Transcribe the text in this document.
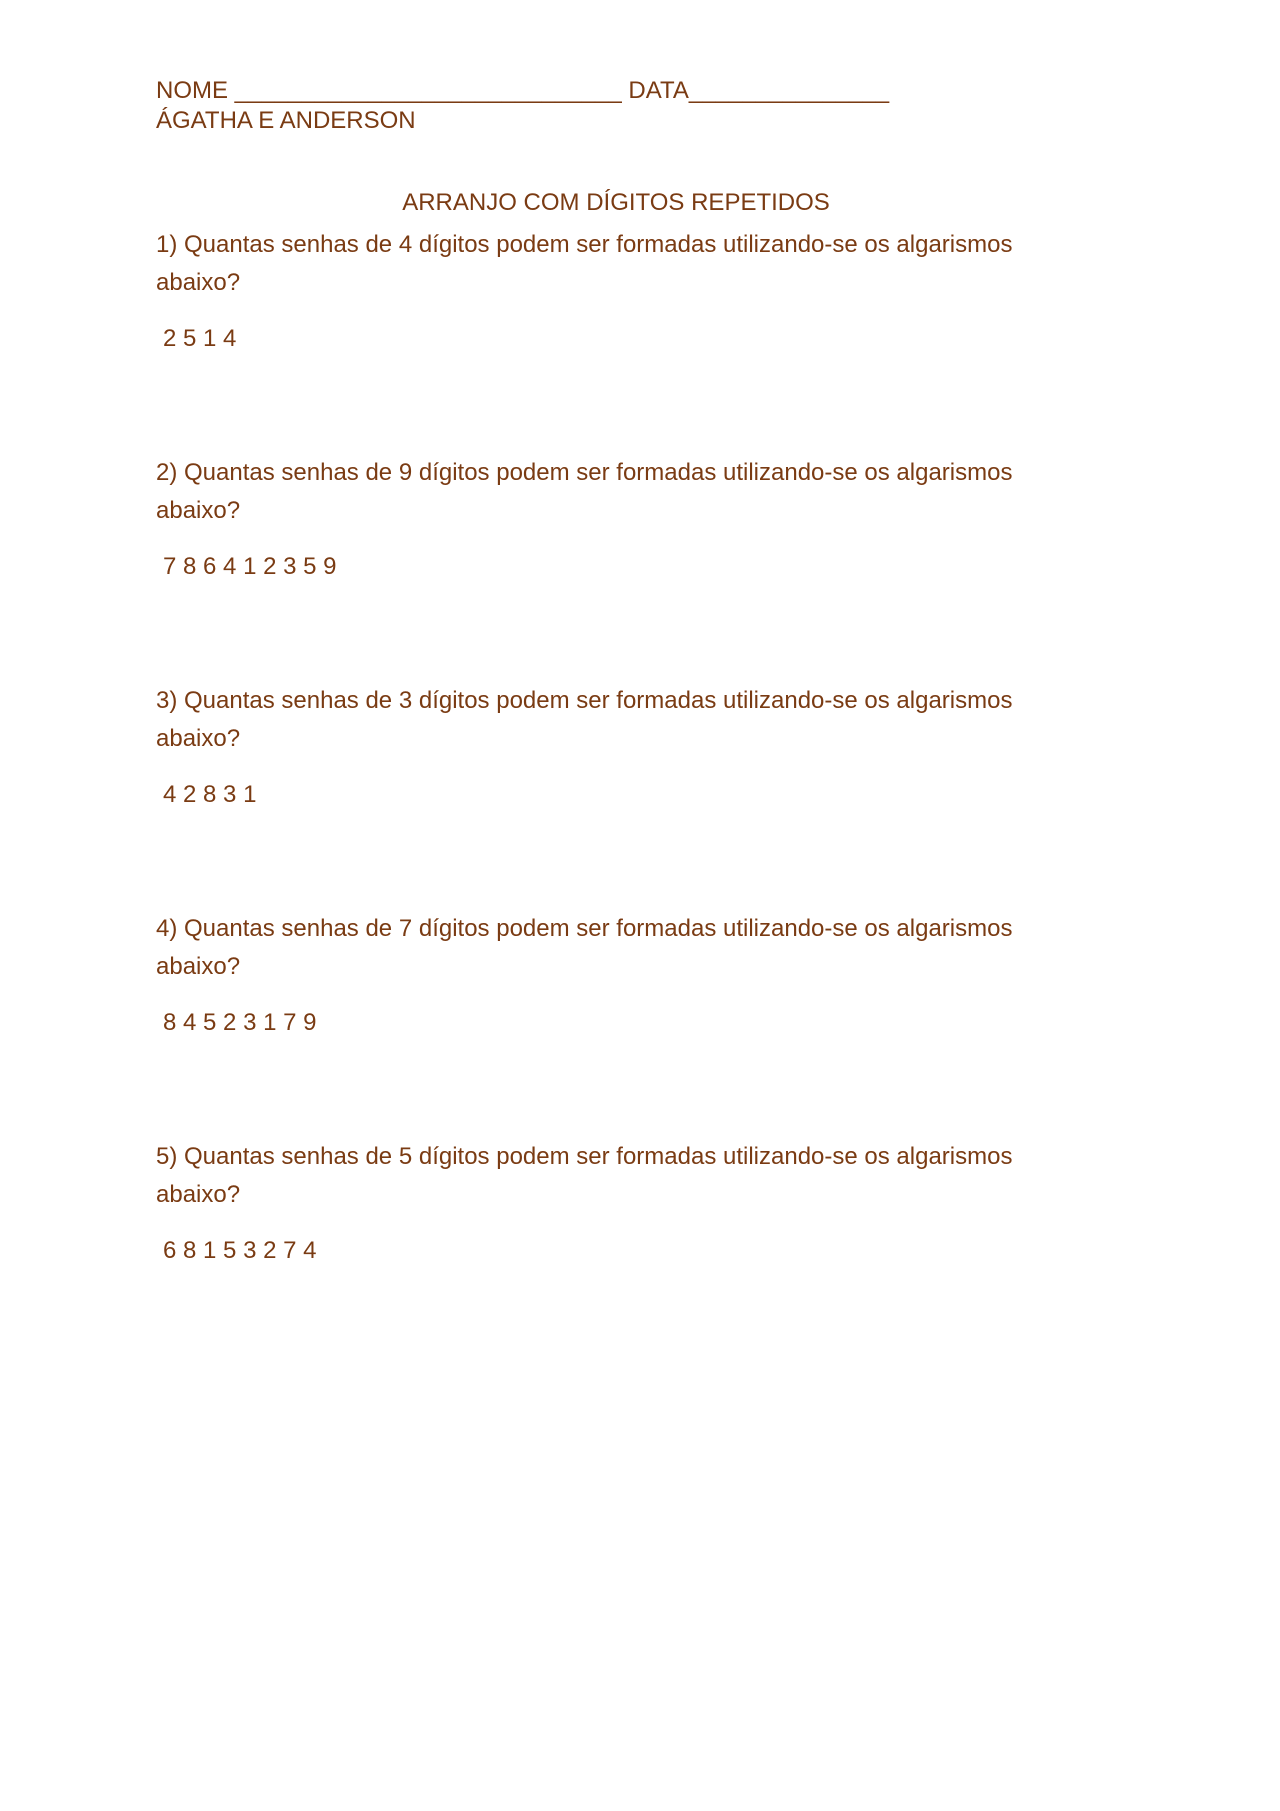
NOME _____________________________ DATA_______________
ÁGATHA E ANDERSON
ARRANJO COM DÍGITOS REPETIDOS
1) Quantas senhas de 4 dígitos podem ser formadas utilizando-se os algarismos abaixo?
2 5 1 4
2) Quantas senhas de 9 dígitos podem ser formadas utilizando-se os algarismos abaixo?
7 8 6 4 1 2 3 5 9
3) Quantas senhas de 3 dígitos podem ser formadas utilizando-se os algarismos abaixo?
4 2 8 3 1
4) Quantas senhas de 7 dígitos podem ser formadas utilizando-se os algarismos abaixo?
8 4 5 2 3 1 7 9
5) Quantas senhas de 5 dígitos podem ser formadas utilizando-se os algarismos abaixo?
6 8 1 5 3 2 7 4
